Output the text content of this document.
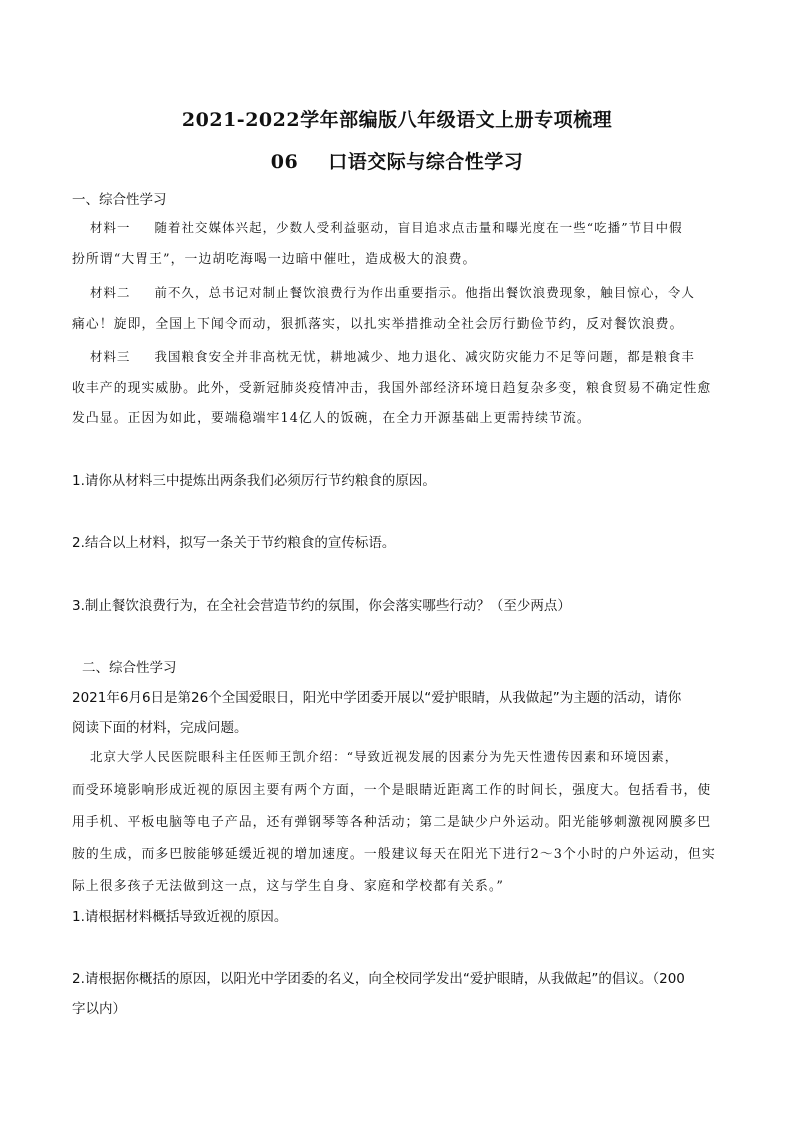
2021-2022学年部编版八年级语文上册专项梳理
06 口语交际与综合性学习
一、综合性学习
材料一 随着社交媒体兴起，少数人受利益驱动，盲目追求点击量和曝光度在一些“吃播”节目中假
扮所谓“大胃王”，一边胡吃海喝一边暗中催吐，造成极大的浪费。
材料二 前不久，总书记对制止餐饮浪费行为作出重要指示。他指出餐饮浪费现象，触目惊心，令人
痛心！旋即，全国上下闻令而动，狠抓落实，以扎实举措推动全社会厉行勤俭节约，反对餐饮浪费。
材料三 我国粮食安全并非高枕无忧，耕地减少、地力退化、减灾防灾能力不足等问题，都是粮食丰
收丰产的现实威胁。此外，受新冠肺炎疫情冲击，我国外部经济环境日趋复杂多变，粮食贸易不确定性愈
发凸显。正因为如此，要端稳端牢14亿人的饭碗，在全力开源基础上更需持续节流。
1.请你从材料三中提炼出两条我们必须厉行节约粮食的原因。
2.结合以上材料，拟写一条关于节约粮食的宣传标语。
3.制止餐饮浪费行为，在全社会营造节约的氛围，你会落实哪些行动？（至少两点）
二、综合性学习
2021年6月6日是第26个全国爱眼日，阳光中学团委开展以“爱护眼睛，从我做起”为主题的活动，请你
阅读下面的材料，完成问题。
北京大学人民医院眼科主任医师王凯介绍：“导致近视发展的因素分为先天性遗传因素和环境因素，
而受环境影响形成近视的原因主要有两个方面，一个是眼睛近距离工作的时间长，强度大。包括看书，使
用手机、平板电脑等电子产品，还有弹钢琴等各种活动；第二是缺少户外运动。阳光能够刺激视网膜多巴
胺的生成，而多巴胺能够延缓近视的增加速度。一般建议每天在阳光下进行2～3个小时的户外运动，但实
际上很多孩子无法做到这一点，这与学生自身、家庭和学校都有关系。”
1.请根据材料概括导致近视的原因。
2.请根据你概括的原因，以阳光中学团委的名义，向全校同学发出“爱护眼睛，从我做起”的倡议。（200
字以内）
